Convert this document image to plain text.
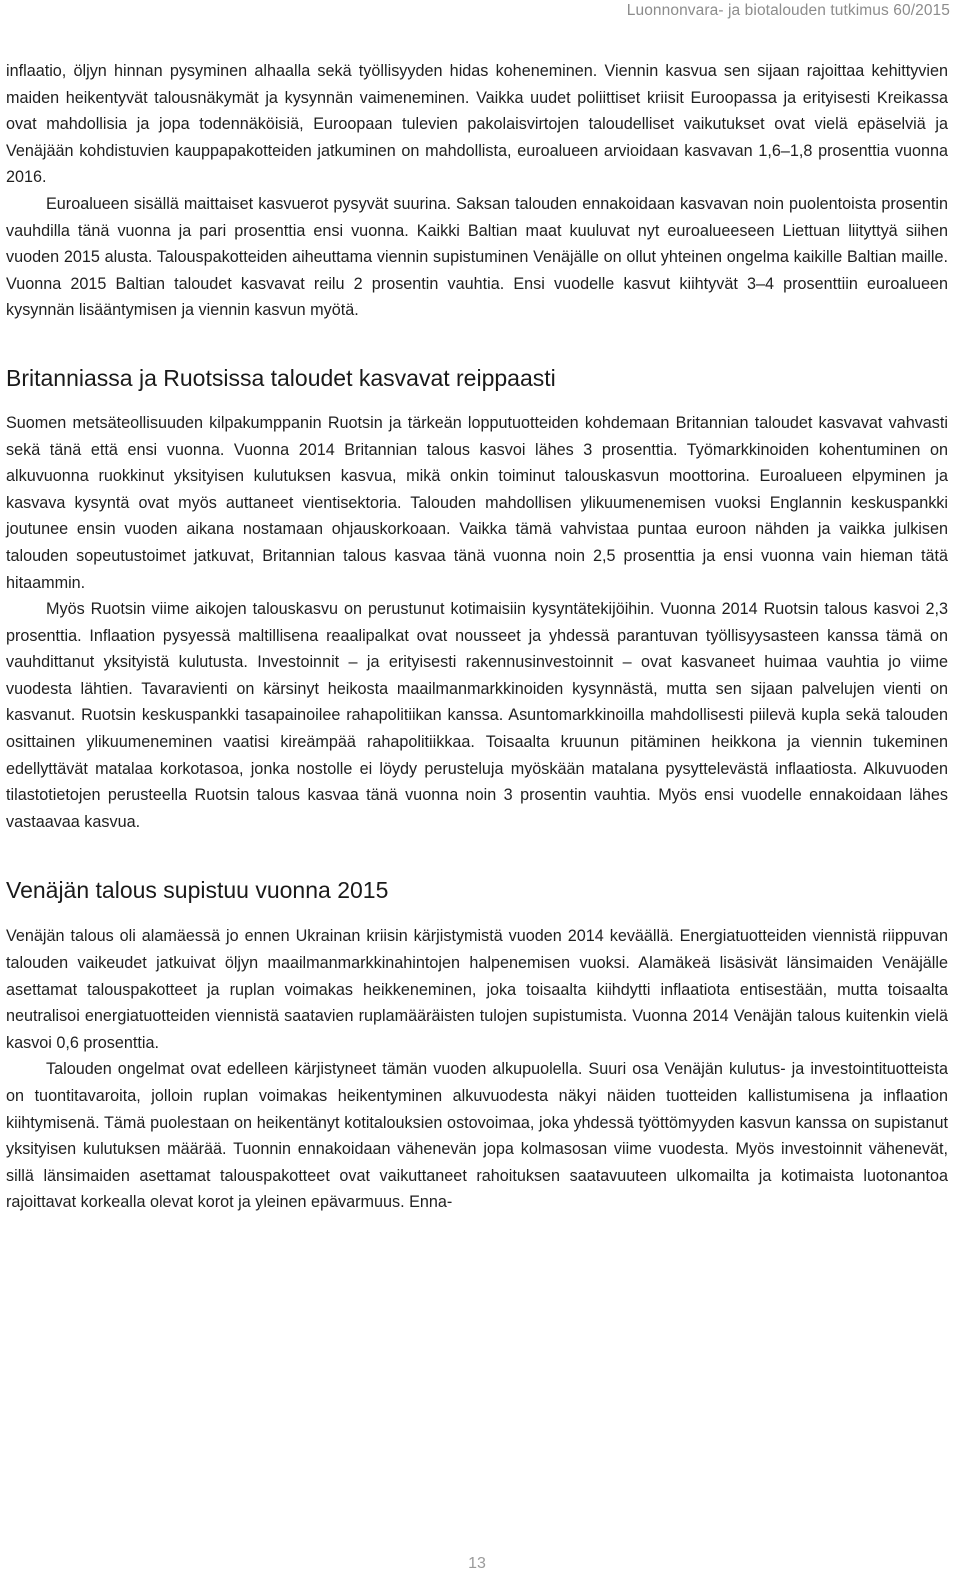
Luonnonvara- ja biotalouden tutkimus 60/2015

inflaatio, öljyn hinnan pysyminen alhaalla sekä työllisyyden hidas koheneminen. Viennin kasvua sen sijaan rajoittaa kehittyvien maiden heikentyvät talousnäkymät ja kysynnän vaimeneminen. Vaikka uudet poliittiset kriisit Euroopassa ja erityisesti Kreikassa ovat mahdollisia ja jopa todennäköisiä, Euroopaan tulevien pakolaisvirtojen taloudelliset vaikutukset ovat vielä epäselviä ja Venäjään kohdistuvien kauppapakotteiden jatkuminen on mahdollista, euroalueen arvioidaan kasvavan 1,6–1,8 prosenttia vuonna 2016.

Euroalueen sisällä maittaiset kasvuerot pysyvät suurina. Saksan talouden ennakoidaan kasvavan noin puolentoista prosentin vauhdilla tänä vuonna ja pari prosenttia ensi vuonna. Kaikki Baltian maat kuuluvat nyt euroalueeseen Liettuan liityttyä siihen vuoden 2015 alusta. Talouspakotteiden aiheuttama viennin supistuminen Venäjälle on ollut yhteinen ongelma kaikille Baltian maille. Vuonna 2015 Baltian taloudet kasvavat reilu 2 prosentin vauhtia. Ensi vuodelle kasvut kiihtyvät 3–4 prosenttiin euroalueen kysynnän lisääntymisen ja viennin kasvun myötä.

Britanniassa ja Ruotsissa taloudet kasvavat reippaasti

Suomen metsäteollisuuden kilpakumppanin Ruotsin ja tärkeän lopputuotteiden kohdemaan Britannian taloudet kasvavat vahvasti sekä tänä että ensi vuonna. Vuonna 2014 Britannian talous kasvoi lähes 3 prosenttia. Työmarkkinoiden kohentuminen on alkuvuonna ruokkinut yksityisen kulutuksen kasvua, mikä onkin toiminut talouskasvun moottorina. Euroalueen elpyminen ja kasvava kysyntä ovat myös auttaneet vientisektoria. Talouden mahdollisen ylikuumenemisen vuoksi Englannin keskuspankki joutunee ensin vuoden aikana nostamaan ohjauskorkoaan. Vaikka tämä vahvistaa puntaa euroon nähden ja vaikka julkisen talouden sopeutustoimet jatkuvat, Britannian talous kasvaa tänä vuonna noin 2,5 prosenttia ja ensi vuonna vain hieman tätä hitaammin.

Myös Ruotsin viime aikojen talouskasvu on perustunut kotimaisiin kysyntätekijöihin. Vuonna 2014 Ruotsin talous kasvoi 2,3 prosenttia. Inflaation pysyessä maltillisena reaalipalkat ovat nousseet ja yhdessä parantuvan työllisyysasteen kanssa tämä on vauhdittanut yksityistä kulutusta. Investoinnit – ja erityisesti rakennusinvestoinnit – ovat kasvaneet huimaa vauhtia jo viime vuodesta lähtien. Tavaravienti on kärsinyt heikosta maailmanmarkkinoiden kysynnästä, mutta sen sijaan palvelujen vienti on kasvanut. Ruotsin keskuspankki tasapainoilee rahapolitiikan kanssa. Asuntomarkkinoilla mahdollisesti piilevä kupla sekä talouden osittainen ylikuumeneminen vaatisi kireämpää rahapolitiikkaa. Toisaalta kruunun pitäminen heikkona ja viennin tukeminen edellyttävät matalaa korkotasoa, jonka nostolle ei löydy perusteluja myöskään matalana pysyttelevästä inflaatiosta. Alkuvuoden tilastotietojen perusteella Ruotsin talous kasvaa tänä vuonna noin 3 prosentin vauhtia. Myös ensi vuodelle ennakoidaan lähes vastaavaa kasvua.

Venäjän talous supistuu vuonna 2015

Venäjän talous oli alamäessä jo ennen Ukrainan kriisin kärjistymistä vuoden 2014 keväällä. Energiatuotteiden viennistä riippuvan talouden vaikeudet jatkuivat öljyn maailmanmarkkinahintojen halpenemisen vuoksi. Alamäkeä lisäsivät länsimaiden Venäjälle asettamat talouspakotteet ja ruplan voimakas heikkeneminen, joka toisaalta kiihdytti inflaatiota entisestään, mutta toisaalta neutralisoi energiatuotteiden viennistä saatavien ruplamääräisten tulojen supistumista. Vuonna 2014 Venäjän talous kuitenkin vielä kasvoi 0,6 prosenttia.

Talouden ongelmat ovat edelleen kärjistyneet tämän vuoden alkupuolella. Suuri osa Venäjän kulutus- ja investointituotteista on tuontitavaroita, jolloin ruplan voimakas heikentyminen alkuvuodesta näkyi näiden tuotteiden kallistumisena ja inflaation kiihtymisenä. Tämä puolestaan on heikentänyt kotitalouksien ostovoimaa, joka yhdessä työttömyyden kasvun kanssa on supistanut yksityisen kulutuksen määrää. Tuonnin ennakoidaan vähenevän jopa kolmasosan viime vuodesta. Myös investoinnit vähenevät, sillä länsimaiden asettamat talouspakotteet ovat vaikuttaneet rahoituksen saatavuuteen ulkomailta ja kotimaista luotonantoa rajoittavat korkealla olevat korot ja yleinen epävarmuus. Enna-

13
